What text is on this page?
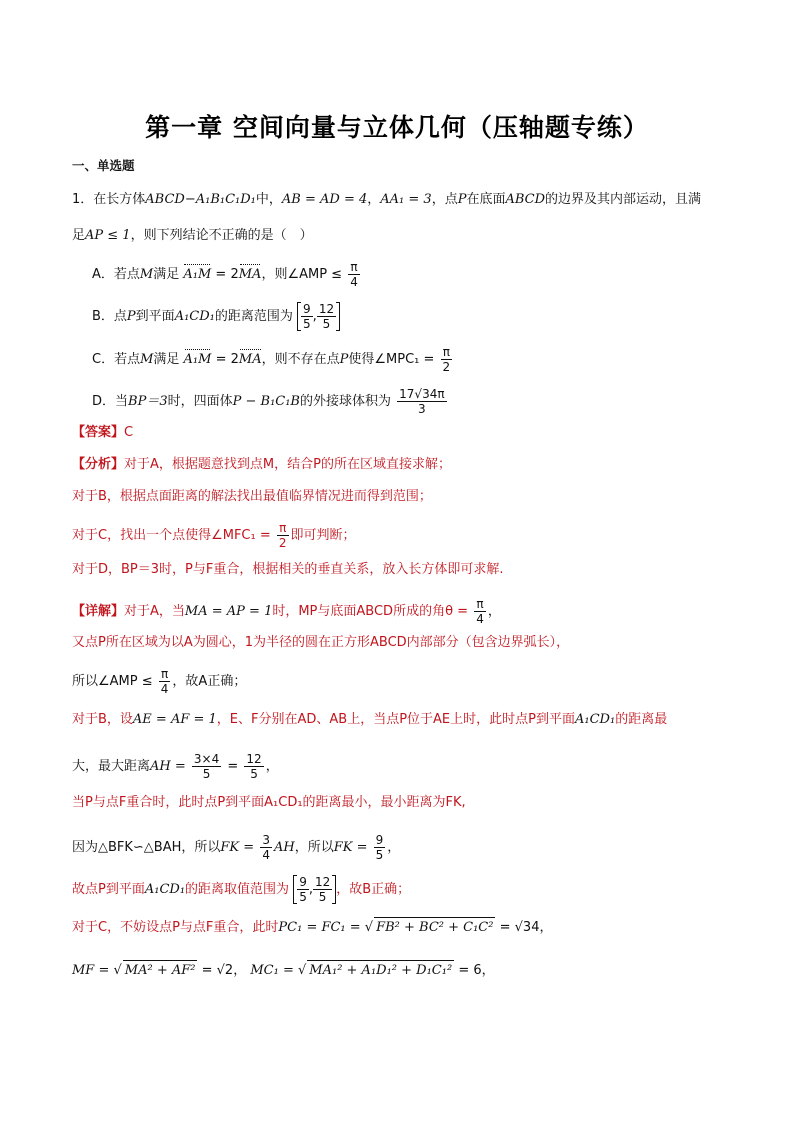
第一章 空间向量与立体几何（压轴题专练）
一、单选题
1．在长方体ABCD−A₁B₁C₁D₁中，AB = AD = 4，AA₁ = 3，点P在底面ABCD的边界及其内部运动，且满
足AP ≤ 1，则下列结论不正确的是（　）
A．若点M满足 A₁M = 2MA，则∠AMP ≤ $\frac{\pi}{4}$
B．点P到平面A₁CD₁的距离范围为 $\frac{9}{5}$ , $\frac{12}{5}$
C．若点M满足 A₁M = 2MA，则不存在点P使得∠MPC₁ = $\frac{\pi}{2}$
D．当BP＝3时，四面体P − B₁C₁B的外接球体积为 $\frac{17√34\pi}{3}$
【答案】C
【分析】对于A，根据题意找到点M，结合P的所在区域直接求解；
对于B，根据点面距离的解法找出最值临界情况进而得到范围；
对于C，找出一个点使得∠MFC₁ = $\frac{\pi}{2}$ 即可判断；
对于D，BP＝3时，P与F重合，根据相关的垂直关系，放入长方体即可求解.
【详解】对于A，当MA = AP = 1时，MP与底面ABCD所成的角$\theta = \frac{\pi}{4}$ ，
又点P所在区域为以A为圆心，1为半径的圆在正方形ABCD内部部分（包含边界弧长），
所以∠AMP ≤ $\frac{\pi}{4}$ ，故A正确；
对于B，设AE = AF = 1，E、F分别在AD、AB上，当点P位于AE上时，此时点P到平面A₁CD₁的距离最
大，最大距离AH = $\frac{3\times 4}{5} = \frac{12}{5}$ ，
当P与点F重合时，此时点P到平面A₁CD₁的距离最小，最小距离为FK,
因为△BFK∽△BAH，所以FK = $\frac{3}{4}$ AH，所以FK = $\frac{9}{5}$ ，
故点P到平面A₁CD₁的距离取值范围为 $\frac{9}{5}$ , $\frac{12}{5}$ ，故B正确；
对于C，不妨设点P与点F重合，此时PC₁ = FC₁ = √ FB² + BC² + C₁C² = √34，
MF = √ MA² + AF² = √2， MC₁ = √ MA₁² + A₁D₁² + D₁C₁² = 6，
